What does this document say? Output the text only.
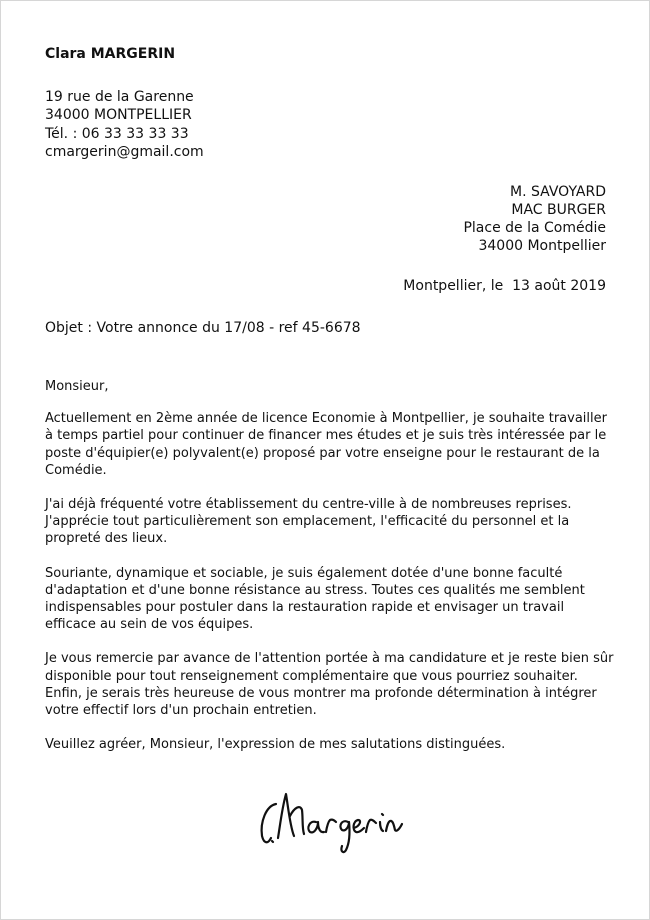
Clara MARGERIN
19 rue de la Garenne
34000 MONTPELLIER
Tél. : 06 33 33 33 33
cmargerin@gmail.com
M. SAVOYARD
MAC BURGER
Place de la Comédie
34000 Montpellier
Montpellier, le  13 août 2019
Objet : Votre annonce du 17/08 - ref 45-6678

Monsieur,

Actuellement en 2ème année de licence Economie à Montpellier, je souhaite travailler
à temps partiel pour continuer de financer mes études et je suis très intéressée par le
poste d'équipier(e) polyvalent(e) proposé par votre enseigne pour le restaurant de la
Comédie.

J'ai déjà fréquenté votre établissement du centre-ville à de nombreuses reprises.
J'apprécie tout particulièrement son emplacement, l'efficacité du personnel et la
propreté des lieux.

Souriante, dynamique et sociable, je suis également dotée d'une bonne faculté
d'adaptation et d'une bonne résistance au stress. Toutes ces qualités me semblent
indispensables pour postuler dans la restauration rapide et envisager un travail
efficace au sein de vos équipes.

Je vous remercie par avance de l'attention portée à ma candidature et je reste bien sûr
disponible pour tout renseignement complémentaire que vous pourriez souhaiter.
Enfin, je serais très heureuse de vous montrer ma profonde détermination à intégrer
votre effectif lors d'un prochain entretien.

Veuillez agréer, Monsieur, l'expression de mes salutations distinguées.
